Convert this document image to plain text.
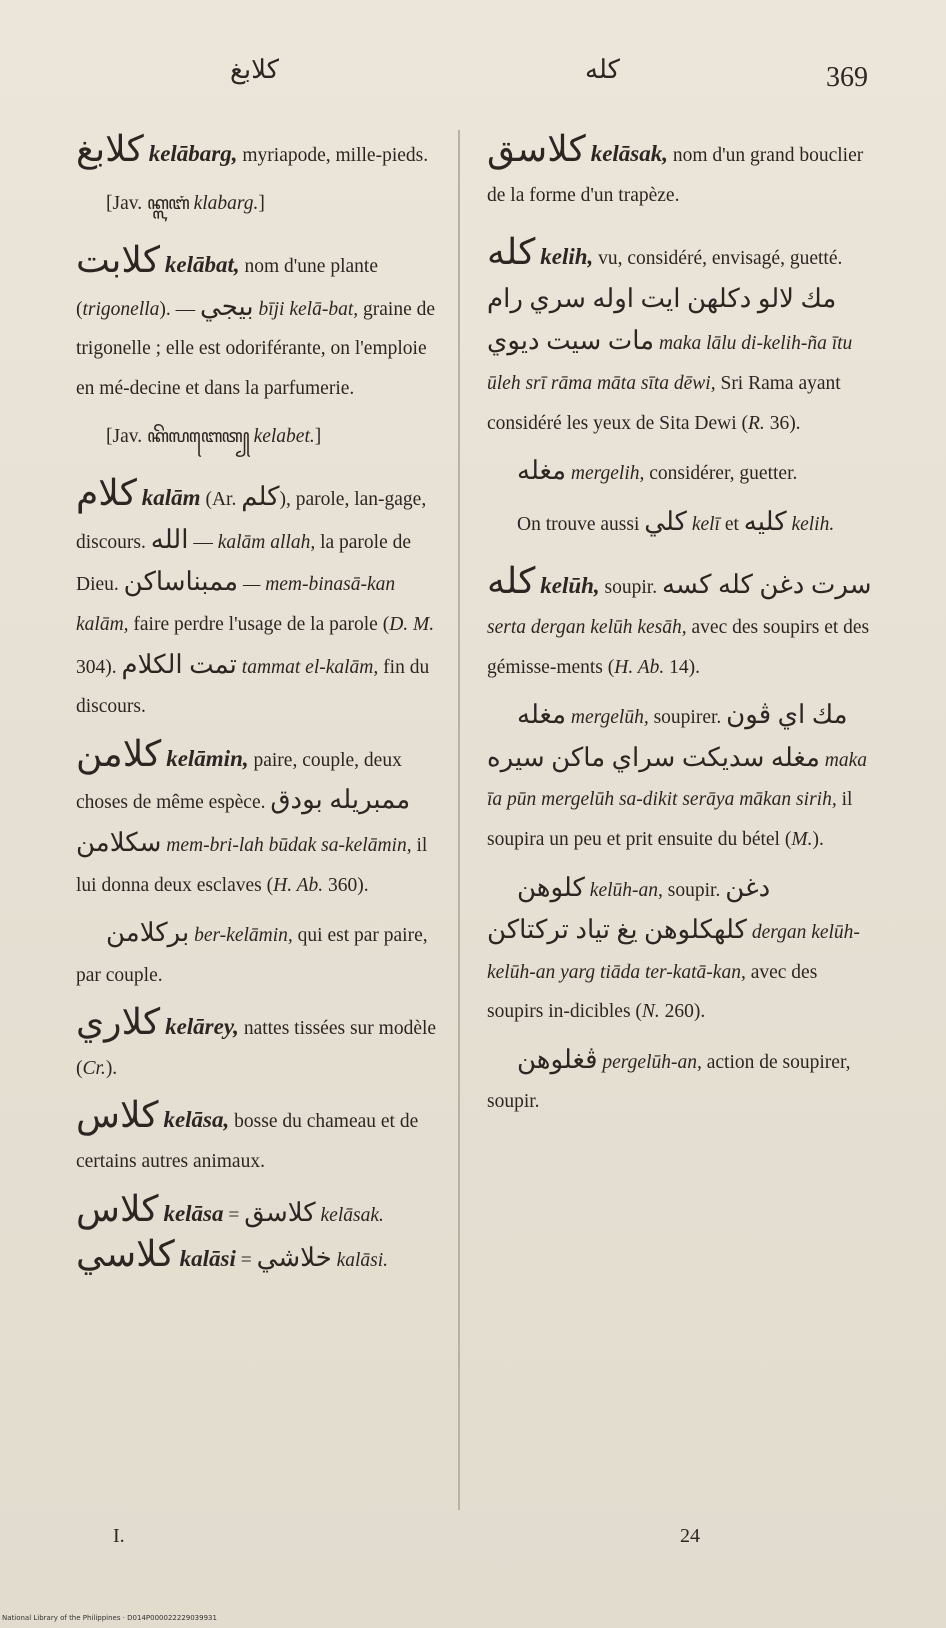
كلابغ	كله	369

كلابغ kelābarg, myriapode, mille-pieds.

[Jav. ꦏ꧀ꦭꦧꦁ klabarg.]

كلابت kelābat, nom d'une plante (trigonella). — بيجي bīji kelā-bat, graine de trigonelle ; elle est odoriférante, on l'emploie en mé-decine et dans la parfumerie.

[Jav. ꦏꦼꦭꦧꦺꦠ꧀ kelabet.]

كلام kalām (Ar. كلم), parole, lan-gage, discours. الله — kalām allah, la parole de Dieu. ممبناساكن — mem-binasā-kan kalām, faire perdre l'usage de la parole (D. M. 304). تمت الكلام tammat el-kalām, fin du discours.

كلامن kelāmin, paire, couple, deux choses de même espèce. ممبريله بودق سكلامن mem-bri-lah būdak sa-kelāmin, il lui donna deux esclaves (H. Ab. 360).

بركلامن ber-kelāmin, qui est par paire, par couple.

كلاري kelārey, nattes tissées sur modèle (Cr.).

كلاس kelāsa, bosse du chameau et de certains autres animaux.

كلاس kelāsa = كلاسق kelāsak.

كلاسي kalāsi = خلاشي kalāsi.

كلاسق kelāsak, nom d'un grand bouclier de la forme d'un trapèze.

كله kelih, vu, considéré, envisagé, guetté. مك لالو دكلهن ايت اوله سري رام مات سيت ديوي maka lālu di-kelih-ña ītu ūleh srī rāma māta sīta dēwi, Sri Rama ayant considéré les yeux de Sita Dewi (R. 36).

مغله mergelih, considérer, guetter.

On trouve aussi كلي kelī et كليه kelih.

كله kelūh, soupir. سرت دغن كله كسه serta dergan kelūh kesāh, avec des soupirs et des gémisse-ments (H. Ab. 14).

مغله mergelūh, soupirer. مك اي ڤون مغله سديكت سراي ماكن سيره maka īa pūn mergelūh sa-dikit serāya mākan sirih, il soupira un peu et prit ensuite du bétel (M.).

كلوهن kelūh-an, soupir. دغن كلهكلوهن يغ تياد تركتاكن dergan kelūh-kelūh-an yarg tiāda ter-katā-kan, avec des soupirs in-dicibles (N. 260).

ڤغلوهن pergelūh-an, action de soupirer, soupir.

I.	24
National Library of the Philippines · D014P000022229039931
